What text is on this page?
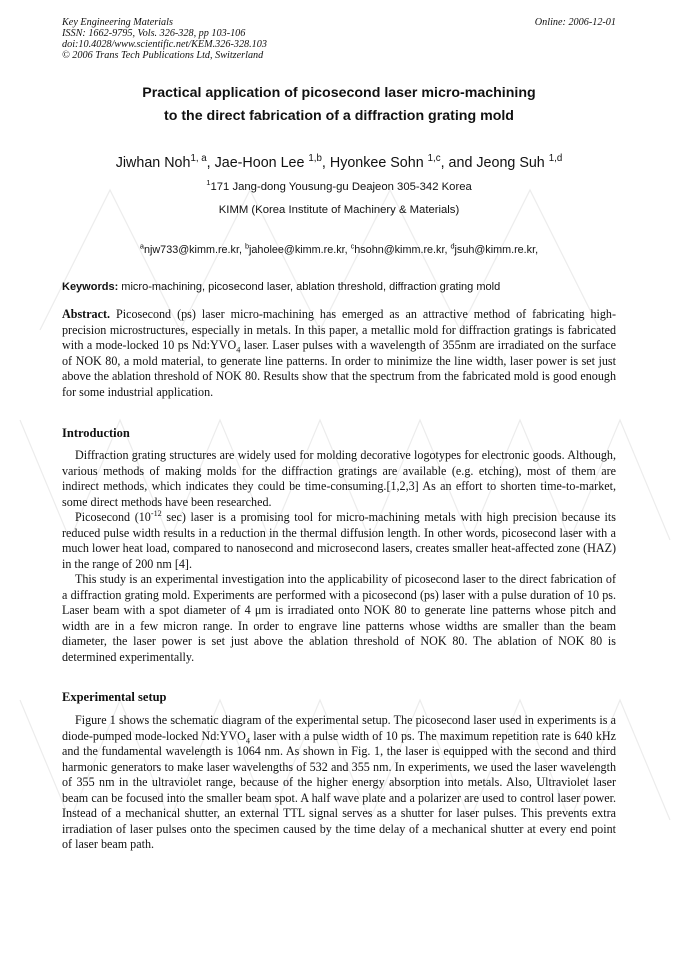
Key Engineering Materials
ISSN: 1662-9795, Vols. 326-328, pp 103-106
doi:10.4028/www.scientific.net/KEM.326-328.103
© 2006 Trans Tech Publications Ltd, Switzerland
Online: 2006-12-01
Practical application of picosecond laser micro-machining
to the direct fabrication of a diffraction grating mold
Jiwhan Noh$^{1, a}$, Jae-Hoon Lee $^{1,b}$, Hyonkee Sohn $^{1,c}$, and Jeong Suh $^{1,d}$
$^1$171 Jang-dong Yousung-gu Deajeon 305-342 Korea
KIMM (Korea Institute of Machinery & Materials)
$^a$njw733@kimm.re.kr, $^b$jaholee@kimm.re.kr, $^c$hsohn@kimm.re.kr, $^d$jsuh@kimm.re.kr,
Keywords: micro-machining, picosecond laser, ablation threshold, diffraction grating mold

Abstract. Picosecond (ps) laser micro-machining has emerged as an attractive method of fabricating high-precision microstructures, especially in metals. In this paper, a metallic mold for diffraction gratings is fabricated with a mode-locked 10 ps $Nd:YVO_4$ laser. Laser pulses with a wavelength of 355nm are irradiated on the surface of NOK 80, a mold material, to generate line patterns. In order to minimize the line width, laser power is set just above the ablation threshold of NOK 80. Results show that the spectrum from the fabricated mold is good enough for some industrial application.

Introduction

Diffraction grating structures are widely used for molding decorative logotypes for electronic goods. Although, various methods of making molds for the diffraction gratings are available (e.g. etching), most of them are indirect methods, which indicates they could be time-consuming.[1,2,3] As an effort to shorten time-to-market, some direct methods have been researched.

Picosecond ($10^{-12}$ sec) laser is a promising tool for micro-machining metals with high precision because its reduced pulse width results in a reduction in the thermal diffusion length. In other words, picosecond laser with a much lower heat load, compared to nanosecond and microsecond lasers, creates smaller heat-affected zone (HAZ) in the range of 200 nm [4].

This study is an experimental investigation into the applicability of picosecond laser to the direct fabrication of a diffraction grating mold. Experiments are performed with a picosecond (ps) laser with a pulse duration of 10 ps. Laser beam with a spot diameter of 4 μm is irradiated onto NOK 80 to generate line patterns whose pitch and width are in a few micron range. In order to engrave line patterns whose widths are smaller than the beam diameter, the laser power is set just above the ablation threshold of NOK 80. The ablation of NOK 80 is determined experimentally.

Experimental setup

Figure 1 shows the schematic diagram of the experimental setup. The picosecond laser used in experiments is a diode-pumped mode-locked $Nd:YVO_4$ laser with a pulse width of 10 ps. The maximum repetition rate is 640 kHz and the fundamental wavelength is 1064 nm. As shown in Fig. 1, the laser is equipped with the second and third harmonic generators to make laser wavelengths of 532 and 355 nm. In experiments, we used the laser wavelength of 355 nm in the ultraviolet range, because of the higher energy absorption into metals. Also, Ultraviolet laser beam can be focused into the smaller beam spot. A half wave plate and a polarizer are used to control laser power. Instead of a mechanical shutter, an external TTL signal serves as a shutter for laser pulses. This prevents extra irradiation of laser pulses onto the specimen caused by the time delay of a mechanical shutter at every end point of laser beam path.
